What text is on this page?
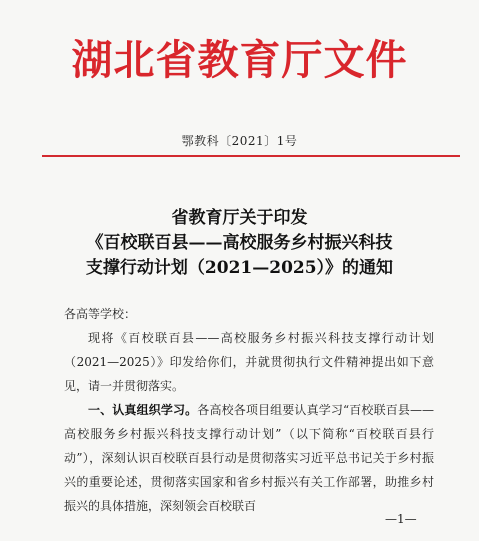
湖北省教育厅文件
鄂教科〔2021〕1号
省教育厅关于印发
《百校联百县——高校服务乡村振兴科技
支撑行动计划（2021—2025）》的通知
各高等学校：
现将《百校联百县——高校服务乡村振兴科技支撑行动计划（2021—2025）》印发给你们，并就贯彻执行文件精神提出如下意见，请一并贯彻落实。
一、认真组织学习。各高校各项目组要认真学习“百校联百县——高校服务乡村振兴科技支撑行动计划”（以下简称“百校联百县行动”），深刻认识百校联百县行动是贯彻落实习近平总书记关于乡村振兴的重要论述，贯彻落实国家和省乡村振兴有关工作部署，助推乡村振兴的具体措施，深刻领会百校联百
—1—
